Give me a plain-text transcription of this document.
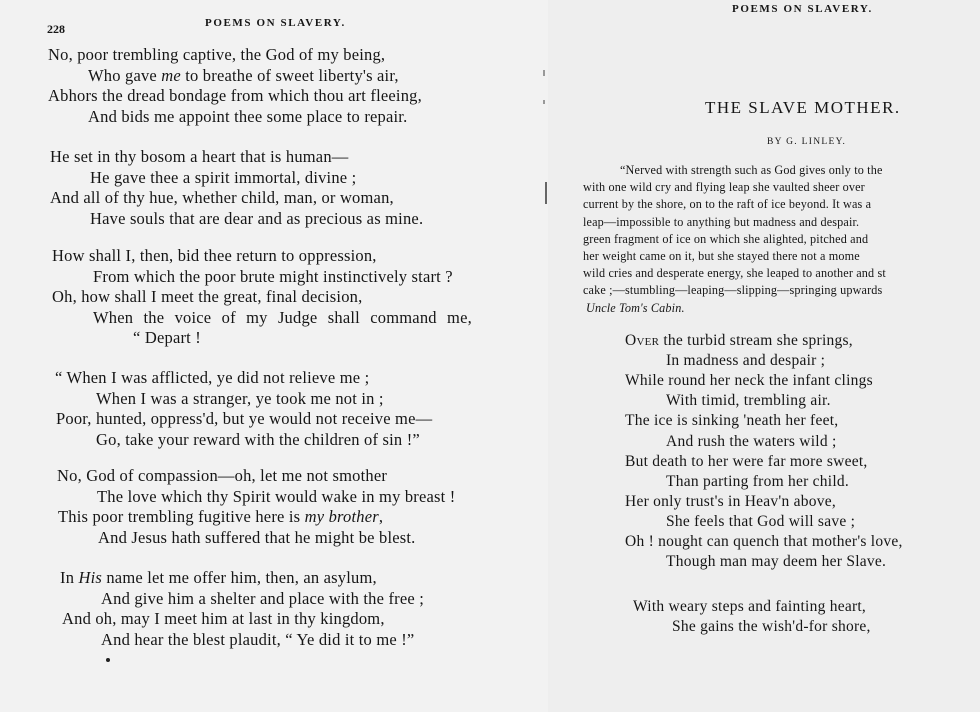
228	POEMS ON SLAVERY.
No, poor trembling captive, the God of my being,
Who gave me to breathe of sweet liberty's air,
Abhors the dread bondage from which thou art fleeing,
And bids me appoint thee some place to repair.
He set in thy bosom a heart that is human—
He gave thee a spirit immortal, divine ;
And all of thy hue, whether child, man, or woman,
Have souls that are dear and as precious as mine.
How shall I, then, bid thee return to oppression,
From which the poor brute might instinctively start ?
Oh, how shall I meet the great, final decision,
When the voice of my Judge shall command me,
“ Depart !
“ When I was afflicted, ye did not relieve me ;
When I was a stranger, ye took me not in ;
Poor, hunted, oppress'd, but ye would not receive me—
Go, take your reward with the children of sin !”
No, God of compassion—oh, let me not smother
The love which thy Spirit would wake in my breast !
This poor trembling fugitive here is my brother,
And Jesus hath suffered that he might be blest.
In His name let me offer him, then, an asylum,
And give him a shelter and place with the free ;
And oh, may I meet him at last in thy kingdom,
And hear the blest plaudit, “ Ye did it to me !”
POEMS ON SLAVERY.
THE SLAVE MOTHER.
BY G. LINLEY.
“Nerved with strength such as God gives only to the
with one wild cry and flying leap she vaulted sheer over
current by the shore, on to the raft of ice beyond. It was a
leap—impossible to anything but madness and despair.
green fragment of ice on which she alighted, pitched and
her weight came on it, but she stayed there not a mome
wild cries and desperate energy, she leaped to another and st
cake ;—stumbling—leaping—slipping—springing upwards
Uncle Tom's Cabin.
Over the turbid stream she springs,
In madness and despair ;
While round her neck the infant clings
With timid, trembling air.
The ice is sinking 'neath her feet,
And rush the waters wild ;
But death to her were far more sweet,
Than parting from her child.
Her only trust's in Heav'n above,
She feels that God will save ;
Oh ! nought can quench that mother's love,
Though man may deem her Slave.
With weary steps and fainting heart,
She gains the wish'd-for shore,
